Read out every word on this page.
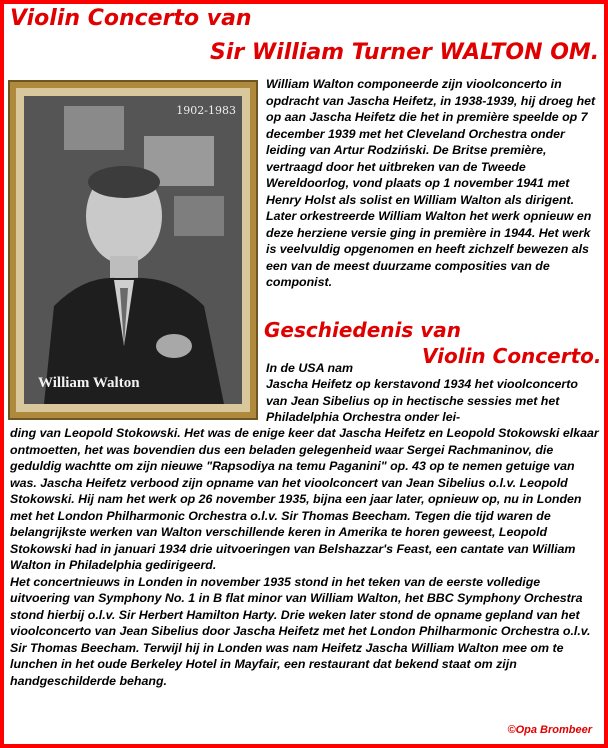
Violin Concerto van
Sir William Turner WALTON OM.
1902-1983
William Walton

William Walton componeerde zijn vioolconcerto in opdracht van Jascha Heifetz, in 1938-1939, hij droeg het op aan Jascha Heifetz die het in première speelde op 7 december 1939 met het Cleveland Orchestra onder leiding van Artur Rodziński. De Britse première, vertraagd door het uitbreken van de Tweede Wereldoorlog, vond plaats op 1 november 1941 met Henry Holst als solist en William Walton als dirigent. Later orkestreerde William Walton het werk opnieuw en deze herziene versie ging in première in 1944. Het werk is veelvuldig opgenomen en heeft zichzelf bewezen als een van de meest duurzame composities van de componist.

Geschiedenis van
Violin Concerto.

In de USA nam

Jascha Heifetz op kerstavond 1934 het vioolconcerto van Jean Sibelius op in hectische sessies met het Philadelphia Orchestra onder lei-

ding van Leopold Stokowski. Het was de enige keer dat Jascha Heifetz en Leopold Stokowski elkaar ontmoetten, het was bovendien dus een beladen gelegenheid waar Sergei Rachmaninov, die geduldig wachtte om zijn nieuwe "Rapsodiya na temu Paganini" op. 43 op te nemen getuige van was. Jascha Heifetz verbood zijn opname van het vioolconcert van Jean Sibelius o.l.v. Leopold Stokowski. Hij nam het werk op 26 november 1935, bijna een jaar later, opnieuw op, nu in Londen met het London Philharmonic Orchestra o.l.v. Sir Thomas Beecham. Tegen die tijd waren de belangrijkste werken van Walton verschillende keren in Amerika te horen geweest, Leopold Stokowski had in januari 1934 drie uitvoeringen van Belshazzar's Feast, een cantate van William Walton in Philadelphia gedirigeerd.
Het concertnieuws in Londen in november 1935 stond in het teken van de eerste volledige uitvoering van Symphony No. 1 in B flat minor van William Walton, het BBC Symphony Orchestra stond hierbij o.l.v. Sir Herbert Hamilton Harty. Drie weken later stond de opname gepland van het vioolconcerto van Jean Sibelius door Jascha Heifetz met het London Philharmonic Orchestra o.l.v. Sir Thomas Beecham. Terwijl hij in Londen was nam Heifetz Jascha William Walton mee om te lunchen in het oude Berkeley Hotel in Mayfair, een restaurant dat bekend staat om zijn handgeschilderde behang.

©Opa Brombeer
